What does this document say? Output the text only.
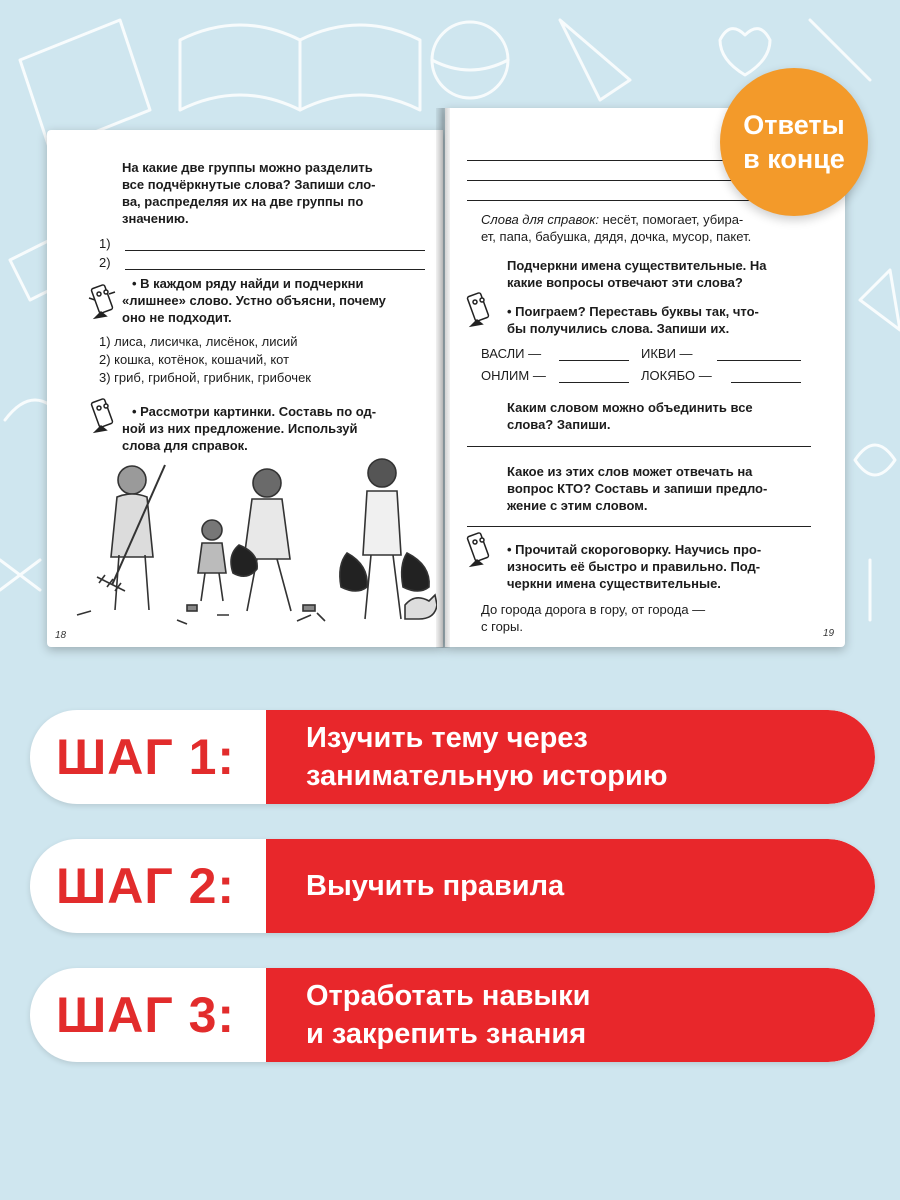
На какие две группы можно разделить
все подчёркнутые слова? Запиши сло-
ва, распределяя их на две группы по
значению.
1)
2)
• В каждом ряду найди и подчеркни
«лишнее» слово. Устно объясни, почему
оно не подходит.
1) лиса, лисичка, лисёнок, лисий
2) кошка, котёнок, кошачий, кот
3) гриб, грибной, грибник, грибочек
• Рассмотри картинки. Составь по од-
ной из них предложение. Используй
слова для справок.
18
Слова для справок: несёт, помогает, убира-
ет, папа, бабушка, дядя, дочка, мусор, пакет.
Подчеркни имена существительные. На
какие вопросы отвечают эти слова?
• Поиграем? Переставь буквы так, что-
бы получились слова. Запиши их.
ВАСЛИ —	ИКВИ —
ОНЛИМ —	ЛОКЯБО —
Каким словом можно объединить все
слова? Запиши.
Какое из этих слов может отвечать на
вопрос КТО? Составь и запиши предло-
жение с этим словом.
• Прочитай скороговорку. Научись про-
износить её быстро и правильно. Под-
черкни имена существительные.
До города дорога в гору, от города —
с горы.	19
Ответы
в конце
ШАГ 1: Изучить тему через
занимательную историю
ШАГ 2: Выучить правила
ШАГ 3: Отработать навыки
и закрепить знания
